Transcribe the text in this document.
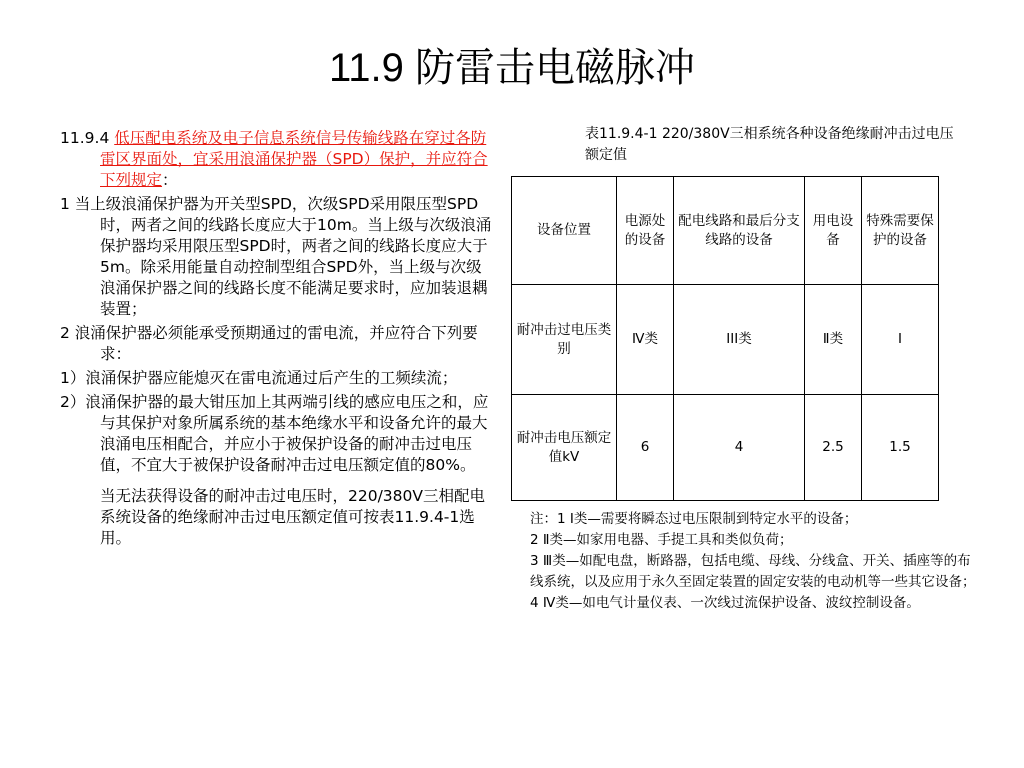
11.9 防雷击电磁脉冲

11.9.4 低压配电系统及电子信息系统信号传输线路在穿过各防雷区界面处，宜采用浪涌保护器（SPD）保护，并应符合下列规定：

1 当上级浪涌保护器为开关型SPD，次级SPD采用限压型SPD时，两者之间的线路长度应大于10m。当上级与次级浪涌保护器均采用限压型SPD时，两者之间的线路长度应大于5m。除采用能量自动控制型组合SPD外，当上级与次级浪涌保护器之间的线路长度不能满足要求时，应加装退耦装置；

2 浪涌保护器必须能承受预期通过的雷电流，并应符合下列要求：

1）浪涌保护器应能熄灭在雷电流通过后产生的工频续流；

2）浪涌保护器的最大钳压加上其两端引线的感应电压之和，应与其保护对象所属系统的基本绝缘水平和设备允许的最大浪涌电压相配合，并应小于被保护设备的耐冲击过电压值，不宜大于被保护设备耐冲击过电压额定值的80%。

当无法获得设备的耐冲击过电压时，220/380V三相配电系统设备的绝缘耐冲击过电压额定值可按表11.9.4-1选用。

表11.9.4-1 220/380V三相系统各种设备绝缘耐冲击过电压额定值
设备位置	电源处的设备	配电线路和最后分支线路的设备	用电设备	特殊需要保护的设备
耐冲击过电压类别	Ⅳ类	III类	Ⅱ类	Ⅰ
耐冲击电压额定值kV	6	4	2.5	1.5

注：1 Ⅰ类—需要将瞬态过电压限制到特定水平的设备；

2 Ⅱ类—如家用电器、手提工具和类似负荷；

3 Ⅲ类—如配电盘，断路器，包括电缆、母线、分线盒、开关、插座等的布线系统，以及应用于永久至固定装置的固定安装的电动机等一些其它设备；

4 Ⅳ类—如电气计量仪表、一次线过流保护设备、波纹控制设备。
